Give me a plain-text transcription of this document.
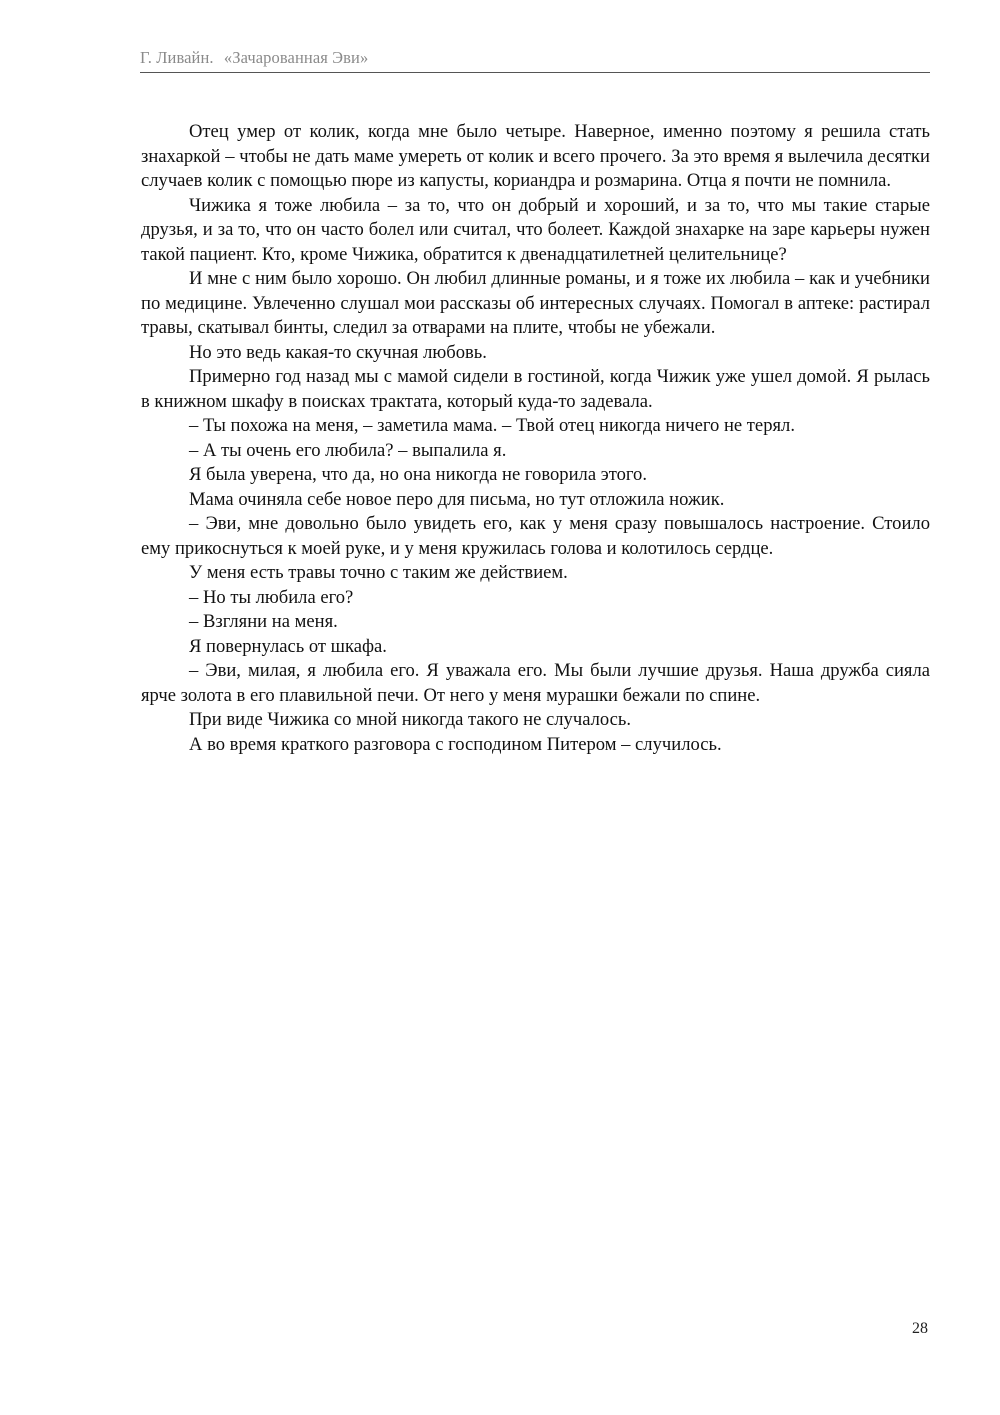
Г. Ливайн. «Зачарованная Эви»

Отец умер от колик, когда мне было четыре. Наверное, именно поэтому я решила стать знахаркой – чтобы не дать маме умереть от колик и всего прочего. За это время я вылечила десятки случаев колик с помощью пюре из капусты, кориандра и розмарина. Отца я почти не помнила.

Чижика я тоже любила – за то, что он добрый и хороший, и за то, что мы такие старые друзья, и за то, что он часто болел или считал, что болеет. Каждой знахарке на заре карьеры нужен такой пациент. Кто, кроме Чижика, обратится к двенадцатилетней целительнице?

И мне с ним было хорошо. Он любил длинные романы, и я тоже их любила – как и учебники по медицине. Увлеченно слушал мои рассказы об интересных случаях. Помогал в аптеке: растирал травы, скатывал бинты, следил за отварами на плите, чтобы не убежали.

Но это ведь какая-то скучная любовь.

Примерно год назад мы с мамой сидели в гостиной, когда Чижик уже ушел домой. Я рылась в книжном шкафу в поисках трактата, который куда-то задевала.

– Ты похожа на меня, – заметила мама. – Твой отец никогда ничего не терял.

– А ты очень его любила? – выпалила я.

Я была уверена, что да, но она никогда не говорила этого.

Мама очиняла себе новое перо для письма, но тут отложила ножик.

– Эви, мне довольно было увидеть его, как у меня сразу повышалось настроение. Стоило ему прикоснуться к моей руке, и у меня кружилась голова и колотилось сердце.

У меня есть травы точно с таким же действием.

– Но ты любила его?

– Взгляни на меня.

Я повернулась от шкафа.

– Эви, милая, я любила его. Я уважала его. Мы были лучшие друзья. Наша дружба сияла ярче золота в его плавильной печи. От него у меня мурашки бежали по спине.

При виде Чижика со мной никогда такого не случалось.

А во время краткого разговора с господином Питером – случилось.

28
